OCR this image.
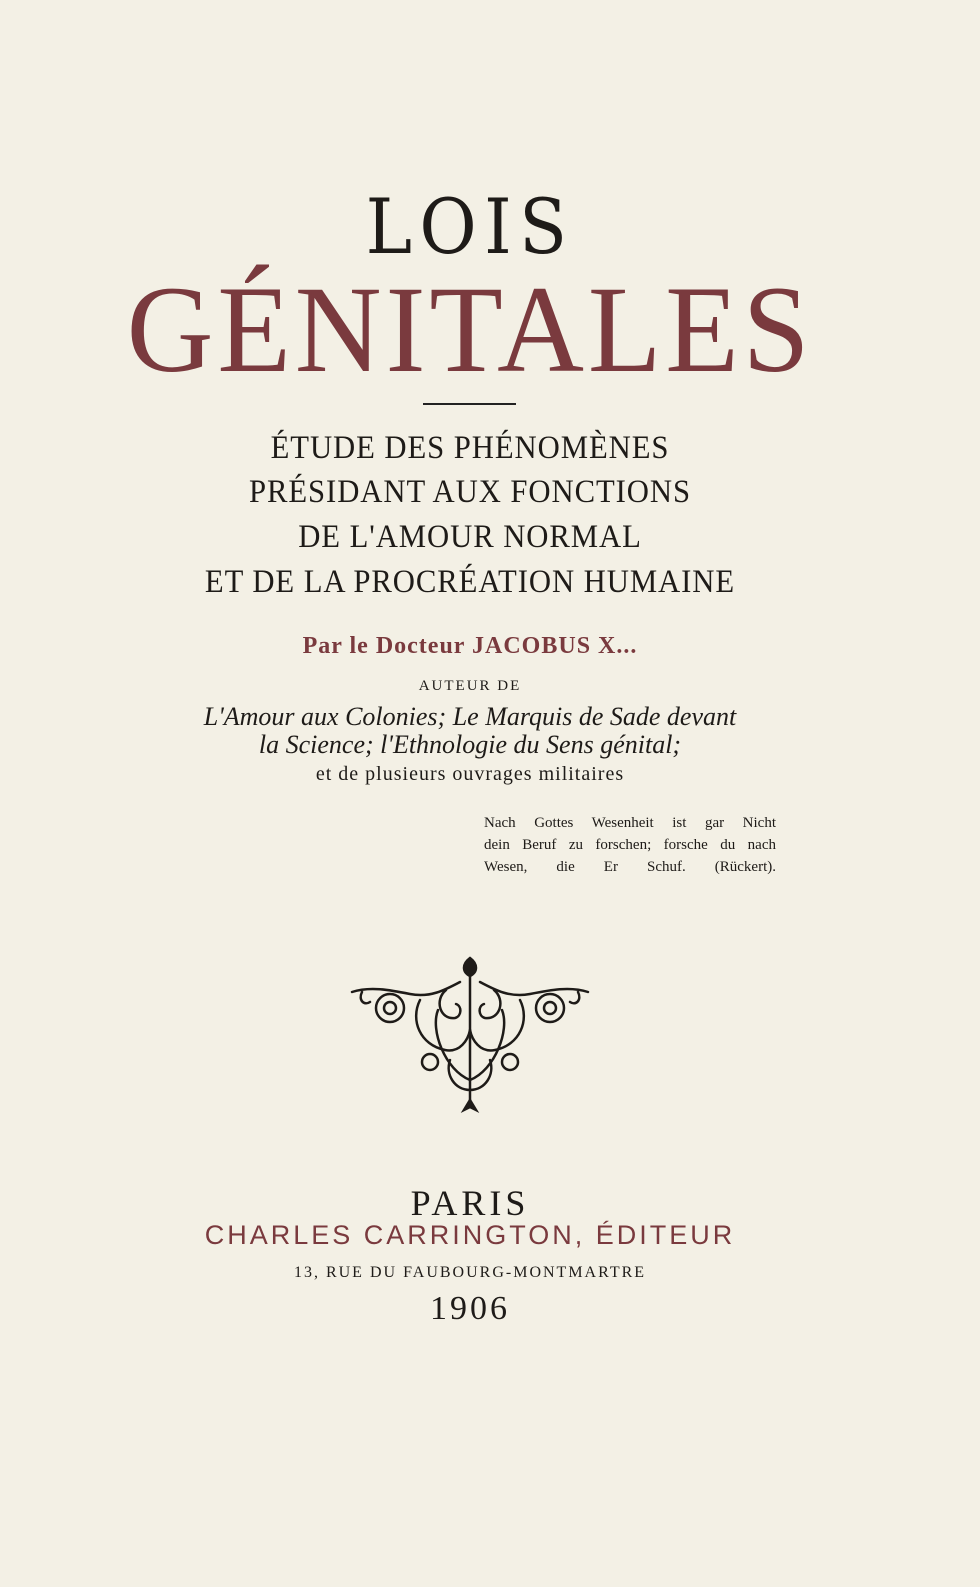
LOIS
GÉNITALES
ÉTUDE DES PHÉNOMÈNES
PRÉSIDANT AUX FONCTIONS
DE L'AMOUR NORMAL
ET DE LA PROCRÉATION HUMAINE
Par le Docteur JACOBUS X...
AUTEUR DE
L'Amour aux Colonies; Le Marquis de Sade devant
la Science; l'Ethnologie du Sens génital;
et de plusieurs ouvrages militaires
Nach Gottes Wesenheit ist gar Nicht
dein Beruf zu forschen; forsche du nach
Wesen, die Er Schuf. (Rückert).
PARIS
CHARLES CARRINGTON, ÉDITEUR
13, RUE DU FAUBOURG-MONTMARTRE
1906
